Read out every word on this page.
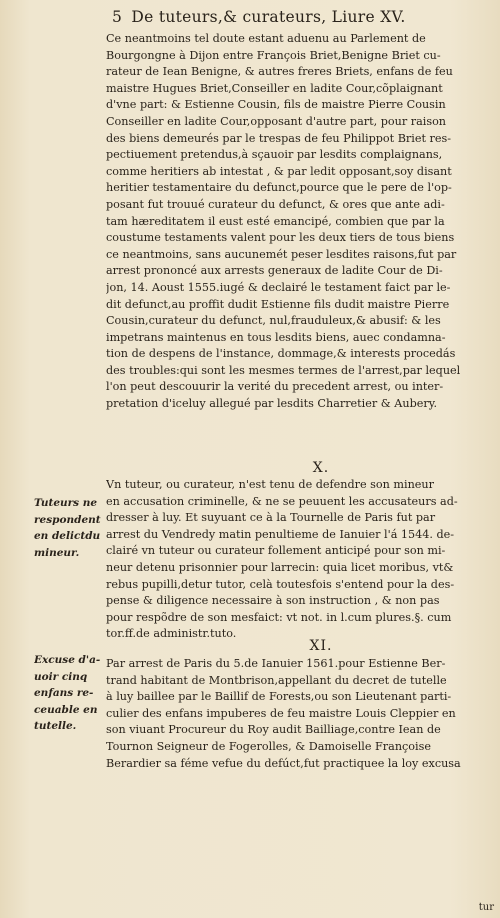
5 De tuteurs,& curateurs, Liure XV.
Ce neantmoins tel doute estant aduenu au Parlement de
Bourgongne à Dijon entre François Briet,Benigne Briet cu-
rateur de Iean Benigne, & autres freres Briets, enfans de feu
maistre Hugues Briet,Conseiller en ladite Cour,cõplaignant
d'vne part: & Estienne Cousin, fils de maistre Pierre Cousin
Conseiller en ladite Cour,opposant d'autre part, pour raison
des biens demeurés par le trespas de feu Philippot Briet res-
pectiuement pretendus,à sçauoir par lesdits complaignans,
comme heritiers ab intestat , & par ledit opposant,soy disant
heritier testamentaire du defunct,pource que le pere de l'op-
posant fut trouué curateur du defunct, & ores que ante adi-
tam hæreditatem il eust esté emancipé, combien que par la
coustume testaments valent pour les deux tiers de tous biens
ce neantmoins, sans aucunemét peser lesdites raisons,fut par
arrest prononcé aux arrests generaux de ladite Cour de Di-
jon, 14. Aoust 1555.iugé & declairé le testament faict par le-
dit defunct,au proffit dudit Estienne fils dudit maistre Pierre
Cousin,curateur du defunct, nul,frauduleux,& abusif: & les
impetrans maintenus en tous lesdits biens, auec condamna-
tion de despens de l'instance, dommage,& interests procedás
des troubles:qui sont les mesmes termes de l'arrest,par lequel
l'on peut descouurir la verité du precedent arrest, ou inter-
pretation d'iceluy allegué par lesdits Charretier & Aubery.
X.
Vn tuteur, ou curateur, n'est tenu de defendre son mineur
en accusation criminelle, & ne se peuuent les accusateurs ad-
dresser à luy. Et suyuant ce à la Tournelle de Paris fut par
arrest du Vendredy matin penultieme de Ianuier l'á 1544. de-
clairé vn tuteur ou curateur follement anticipé pour son mi-
neur detenu prisonnier pour larrecin: quia licet moribus, vt&
rebus pupilli,detur tutor, celà toutesfois s'entend pour la des-
pense & diligence necessaire à son instruction , & non pas
pour respõdre de son mesfaict: vt not. in l.cum plures.§. cum
tor.ff.de administr.tuto.
XI.
Par arrest de Paris du 5.de Ianuier 1561.pour Estienne Ber-
trand habitant de Montbrison,appellant du decret de tutelle
à luy baillee par le Baillif de Forests,ou son Lieutenant parti-
culier des enfans impuberes de feu maistre Louis Cleppier en
son viuant Procureur du Roy audit Bailliage,contre Iean de
Tournon Seigneur de Fogerolles, & Damoiselle Françoise
Berardier sa féme vefue du defúct,fut practiquee la loy excusa
Tuteurs ne
respondent
en delictdu
mineur.
Excuse d'a-
uoir cinq
enfans re-
ceuable en
tutelle.
tur
